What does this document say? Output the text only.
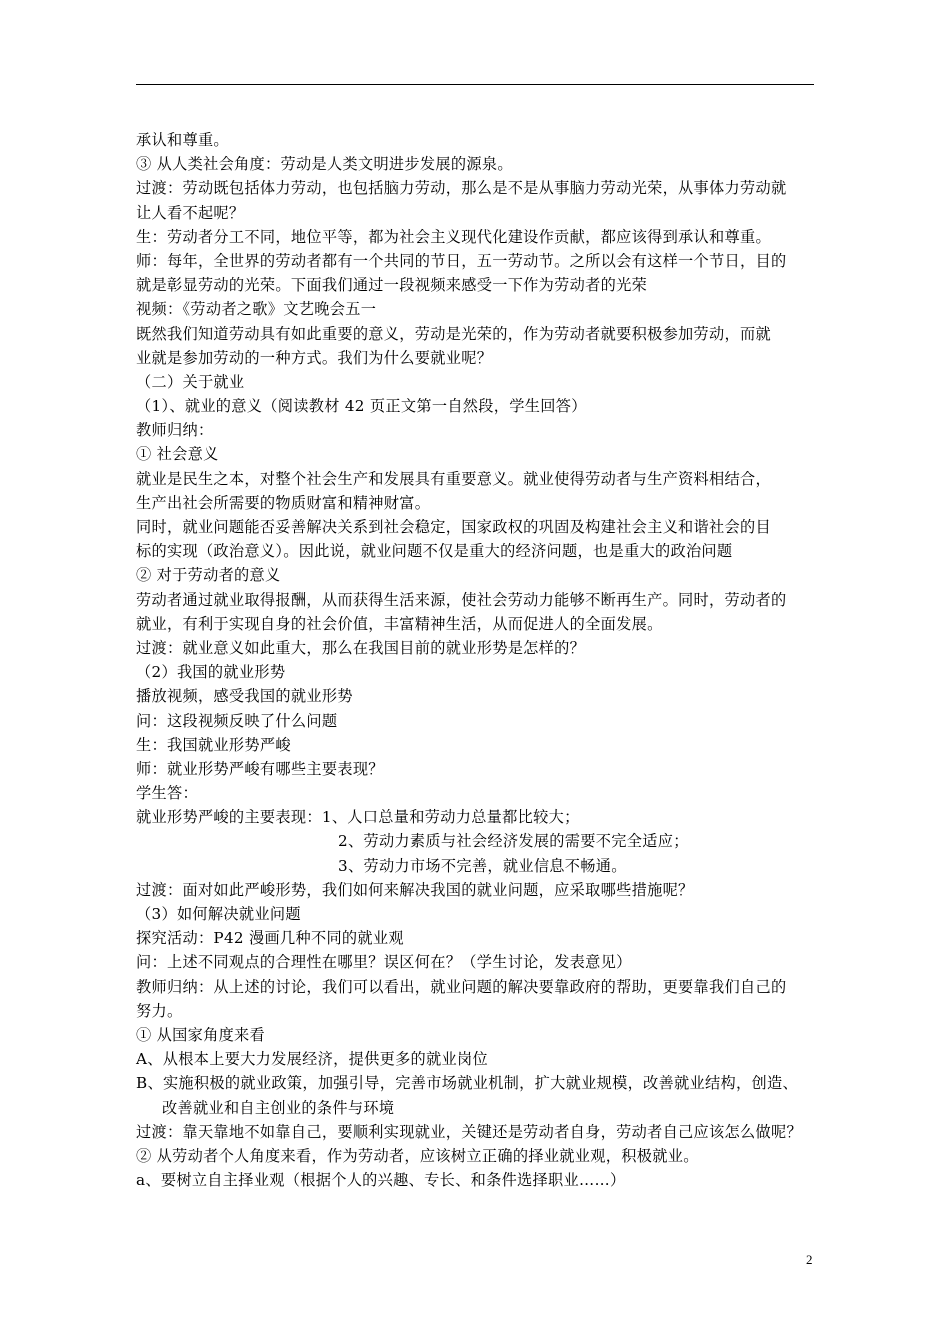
承认和尊重。
③ 从人类社会角度：劳动是人类文明进步发展的源泉。
过渡：劳动既包括体力劳动，也包括脑力劳动，那么是不是从事脑力劳动光荣，从事体力劳动就
让人看不起呢？
生：劳动者分工不同，地位平等，都为社会主义现代化建设作贡献，都应该得到承认和尊重。
师：每年，全世界的劳动者都有一个共同的节日，五一劳动节。之所以会有这样一个节日，目的
就是彰显劳动的光荣。下面我们通过一段视频来感受一下作为劳动者的光荣
视频：《劳动者之歌》文艺晚会五一
既然我们知道劳动具有如此重要的意义，劳动是光荣的，作为劳动者就要积极参加劳动，而就
业就是参加劳动的一种方式。我们为什么要就业呢？
（二）关于就业
（1）、就业的意义（阅读教材 42 页正文第一自然段，学生回答）
教师归纳：
① 社会意义
就业是民生之本，对整个社会生产和发展具有重要意义。就业使得劳动者与生产资料相结合，
生产出社会所需要的物质财富和精神财富。
同时，就业问题能否妥善解决关系到社会稳定，国家政权的巩固及构建社会主义和谐社会的目
标的实现（政治意义）。因此说，就业问题不仅是重大的经济问题，也是重大的政治问题
② 对于劳动者的意义
劳动者通过就业取得报酬，从而获得生活来源，使社会劳动力能够不断再生产。同时，劳动者的
就业，有利于实现自身的社会价值，丰富精神生活，从而促进人的全面发展。
过渡：就业意义如此重大，那么在我国目前的就业形势是怎样的？
（2）我国的就业形势
播放视频，感受我国的就业形势
问：这段视频反映了什么问题
生：我国就业形势严峻
师：就业形势严峻有哪些主要表现？
学生答：
就业形势严峻的主要表现：1、人口总量和劳动力总量都比较大；
2、劳动力素质与社会经济发展的需要不完全适应；
3、劳动力市场不完善，就业信息不畅通。
过渡：面对如此严峻形势，我们如何来解决我国的就业问题，应采取哪些措施呢？
（3）如何解决就业问题
探究活动：P42 漫画几种不同的就业观
问：上述不同观点的合理性在哪里？误区何在？（学生讨论，发表意见）
教师归纳：从上述的讨论，我们可以看出，就业问题的解决要靠政府的帮助，更要靠我们自己的
努力。
① 从国家角度来看
A、从根本上要大力发展经济，提供更多的就业岗位
B、实施积极的就业政策，加强引导，完善市场就业机制，扩大就业规模，改善就业结构，创造、
改善就业和自主创业的条件与环境
过渡：靠天靠地不如靠自己，要顺利实现就业，关键还是劳动者自身，劳动者自己应该怎么做呢？
② 从劳动者个人角度来看，作为劳动者，应该树立正确的择业就业观，积极就业。
a、要树立自主择业观（根据个人的兴趣、专长、和条件选择职业……）
2
